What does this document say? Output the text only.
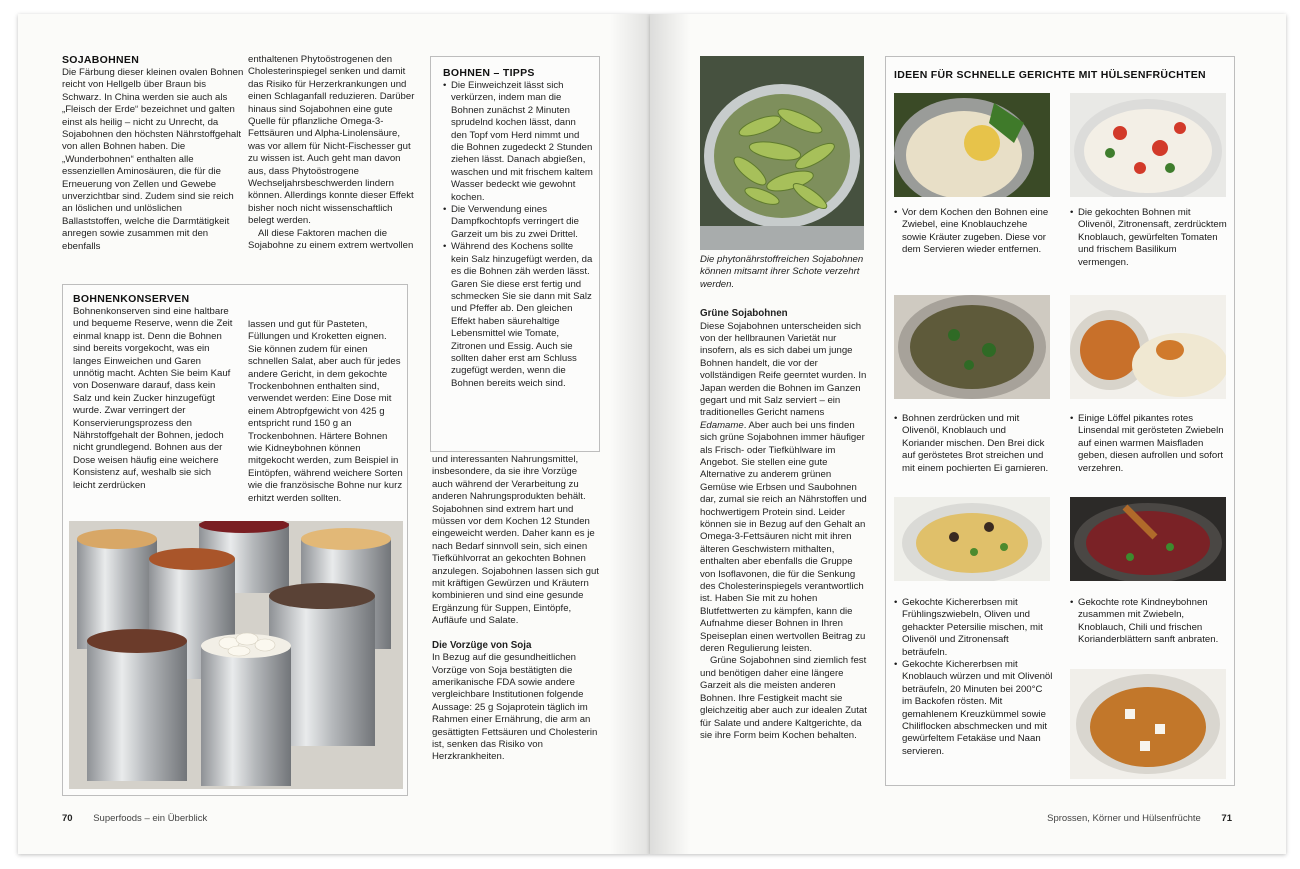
SOJABOHNEN

Die Färbung dieser kleinen ovalen Bohnen reicht von Hellgelb über Braun bis Schwarz. In China werden sie auch als „Fleisch der Erde“ bezeichnet und galten einst als heilig – nicht zu Unrecht, da Sojabohnen den höchsten Nährstoffgehalt von allen Bohnen haben. Die „Wunderbohnen“ enthalten alle essenziellen Aminosäuren, die für die Erneuerung von Zellen und Gewebe unverzichtbar sind. Zudem sind sie reich an löslichen und unlöslichen Ballaststoffen, welche die Darmtätigkeit anregen sowie zusammen mit den ebenfalls

enthaltenen Phytoöstrogenen den Cholesterinspiegel senken und damit das Risiko für Herzerkrankungen und einen Schlaganfall reduzieren. Darüber hinaus sind Sojabohnen eine gute Quelle für pflanzliche Omega-3-Fettsäuren und Alpha-Linolensäure, was vor allem für Nicht-Fischesser gut zu wissen ist. Auch geht man davon aus, dass Phytoöstrogene Wechseljahrsbeschwerden lindern können. Allerdings konnte dieser Effekt bisher noch nicht wissenschaftlich belegt werden.

All diese Faktoren machen die Sojabohne zu einem extrem wertvollen

BOHNEN – TIPPS
• Die Einweichzeit lässt sich verkürzen, indem man die Bohnen zunächst 2 Minuten sprudelnd kochen lässt, dann den Topf vom Herd nimmt und die Bohnen zugedeckt 2 Stunden ziehen lässt. Danach abgießen, waschen und mit frischem kaltem Wasser bedeckt wie gewohnt kochen.
• Die Verwendung eines Dampfkochtopfs verringert die Garzeit um bis zu zwei Drittel.
• Während des Kochens sollte kein Salz hinzugefügt werden, da es die Bohnen zäh werden lässt. Garen Sie diese erst fertig und schmecken Sie sie dann mit Salz und Pfeffer ab. Den gleichen Effekt haben säurehaltige Lebensmittel wie Tomate, Zitronen und Essig. Auch sie sollten daher erst am Schluss zugefügt werden, wenn die Bohnen bereits weich sind.
BOHNENKONSERVEN

Bohnenkonserven sind eine haltbare und bequeme Reserve, wenn die Zeit einmal knapp ist. Denn die Bohnen sind bereits vorgekocht, was ein langes Einweichen und Garen unnötig macht. Achten Sie beim Kauf von Dosenware darauf, dass kein Salz und kein Zucker hinzugefügt wurde. Zwar verringert der Konservierungsprozess den Nährstoffgehalt der Bohnen, jedoch nicht grundlegend. Bohnen aus der Dose weisen häufig eine weichere Konsistenz auf, weshalb sie sich leicht zerdrücken

lassen und gut für Pasteten, Füllungen und Kroketten eignen. Sie können zudem für einen schnellen Salat, aber auch für jedes andere Gericht, in dem gekochte Trockenbohnen enthalten sind, verwendet werden: Eine Dose mit einem Abtropfgewicht von 425 g entspricht rund 150 g an Trockenbohnen. Härtere Bohnen wie Kidneybohnen können mitgekocht werden, zum Beispiel in Eintöpfen, während weichere Sorten wie die französische Bohne nur kurz erhitzt werden sollten.

und interessanten Nahrungsmittel, insbesondere, da sie ihre Vorzüge auch während der Verarbeitung zu anderen Nahrungsprodukten behält. Sojabohnen sind extrem hart und müssen vor dem Kochen 12 Stunden eingeweicht werden. Daher kann es je nach Bedarf sinnvoll sein, sich einen Tiefkühlvorrat an gekochten Bohnen anzulegen. Sojabohnen lassen sich gut mit kräftigen Gewürzen und Kräutern kombinieren und sind eine gesunde Ergänzung für Suppen, Eintöpfe, Aufläufe und Salate.

Die Vorzüge von Soja

In Bezug auf die gesundheitlichen Vorzüge von Soja bestätigten die amerikanische FDA sowie andere vergleichbare Institutionen folgende Aussage: 25 g Sojaprotein täglich im Rahmen einer Ernährung, die arm an gesättigten Fettsäuren und Cholesterin ist, senken das Risiko von Herzkrankheiten.

70 Superfoods – ein Überblick
Die phytonährstoffreichen Sojabohnen können mitsamt ihrer Schote verzehrt werden.
Grüne Sojabohnen

Diese Sojabohnen unterscheiden sich von der hellbraunen Varietät nur insofern, als es sich dabei um junge Bohnen handelt, die vor der vollständigen Reife geerntet wurden. In Japan werden die Bohnen im Ganzen gegart und mit Salz serviert – ein traditionelles Gericht namens Edamame. Aber auch bei uns finden sich grüne Sojabohnen immer häufiger als Frisch- oder Tiefkühlware im Angebot. Sie stellen eine gute Alternative zu anderem grünen Gemüse wie Erbsen und Saubohnen dar, zumal sie reich an Nährstoffen und hochwertigem Protein sind. Leider können sie in Bezug auf den Gehalt an Omega-3-Fettsäuren nicht mit ihren älteren Geschwistern mithalten, enthalten aber ebenfalls die Gruppe von Isoflavonen, die für die Senkung des Cholesterinspiegels verantwortlich ist. Haben Sie mit zu hohen Blutfettwerten zu kämpfen, kann die Aufnahme dieser Bohnen in Ihren Speiseplan einen wertvollen Beitrag zu deren Regulierung leisten.

Grüne Sojabohnen sind ziemlich fest und benötigen daher eine längere Garzeit als die meisten anderen Bohnen. Ihre Festigkeit macht sie gleichzeitig aber auch zur idealen Zutat für Salate und andere Kaltgerichte, da sie ihre Form beim Kochen behalten.

IDEEN FÜR SCHNELLE GERICHTE MIT HÜLSENFRÜCHTEN
• Vor dem Kochen den Bohnen eine Zwiebel, eine Knoblauchzehe sowie Kräuter zugeben. Diese vor dem Servieren wieder entfernen.
• Die gekochten Bohnen mit Olivenöl, Zitronensaft, zerdrücktem Knoblauch, gewürfelten Tomaten und frischem Basilikum vermengen.
• Bohnen zerdrücken und mit Olivenöl, Knoblauch und Koriander mischen. Den Brei dick auf geröstetes Brot streichen und mit einem pochierten Ei garnieren.
• Einige Löffel pikantes rotes Linsendal mit gerösteten Zwiebeln auf einen warmen Maisfladen geben, diesen aufrollen und sofort verzehren.
• Gekochte Kichererbsen mit Frühlingszwiebeln, Oliven und gehackter Petersilie mischen, mit Olivenöl und Zitronensaft beträufeln.
• Gekochte Kichererbsen mit Knoblauch würzen und mit Olivenöl beträufeln, 20 Minuten bei 200°C im Backofen rösten. Mit gemahlenem Kreuzkümmel sowie Chiliflocken abschmecken und mit gewürfeltem Fetakäse und Naan servieren.
• Gekochte rote Kindneybohnen zusammen mit Zwiebeln, Knoblauch, Chili und frischen Korianderblättern sanft anbraten.
Sprossen, Körner und Hülsenfrüchte 71
